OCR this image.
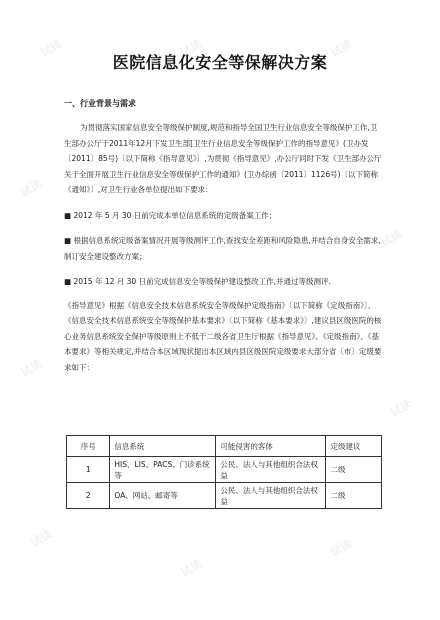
试读	试读	试读
试读
试读
试读
试读
试读
试读
试读
医院信息化安全等保解决方案
一、行业背景与需求

为贯彻落实国家信息安全等级保护制度,规范和指导全国卫生行业信息安全等级保护工作,卫生部办公厅于2011年12月下发卫生部[卫生行业信息安全等级保护工作的指导意见》(卫办发〔2011〕85号)〔以下简称《指导意见》〕,为贯彻《指导意见》,办公厅同时下发《卫生部办公厅关于全面开展卫生行业信息安全等级保护工作的通知》(卫办综函〔2011〕1126号)〔以下简称《通知》〕,对卫生行业各单位提出如下要求：

■ 2012 年 5 月 30 日前完成本单位信息系统的定级备案工作；

■ 根据信息系统定级备案情况开展等级测评工作,查找安全差距和风险隐患,并结合自身安全需求,制订安全建设整改方案；

■ 2015 年 12 月 30 日前完成信息安全等级保护建设整改工作,并通过等级测评.

《指导意见》根据《信息安全技术信息系统安全等级保护定级指南》〔以下简称《定级指南》〕、《信息安全技术信息系统安全等级保护基本要求》〔以下简称《基本要求》〕,建议县区级医院的核心业务信息系统安全保护等级原则上不低于二级各省卫生厅根据《指导意见》、《定级指南》、《基本要求》等相关规定,并结合本区域现状提出本区域内县区级医院定级要求大部分省〔市〕定级要求如下：

序号	信息系统	可能侵害的客体	定级建议
1	HIS、LIS、PACS、门诊系统等	公民、法人与其他组织合法权益	二级
2	OA、网站、邮寄等	公民、法人与其他组织合法权益	二级
